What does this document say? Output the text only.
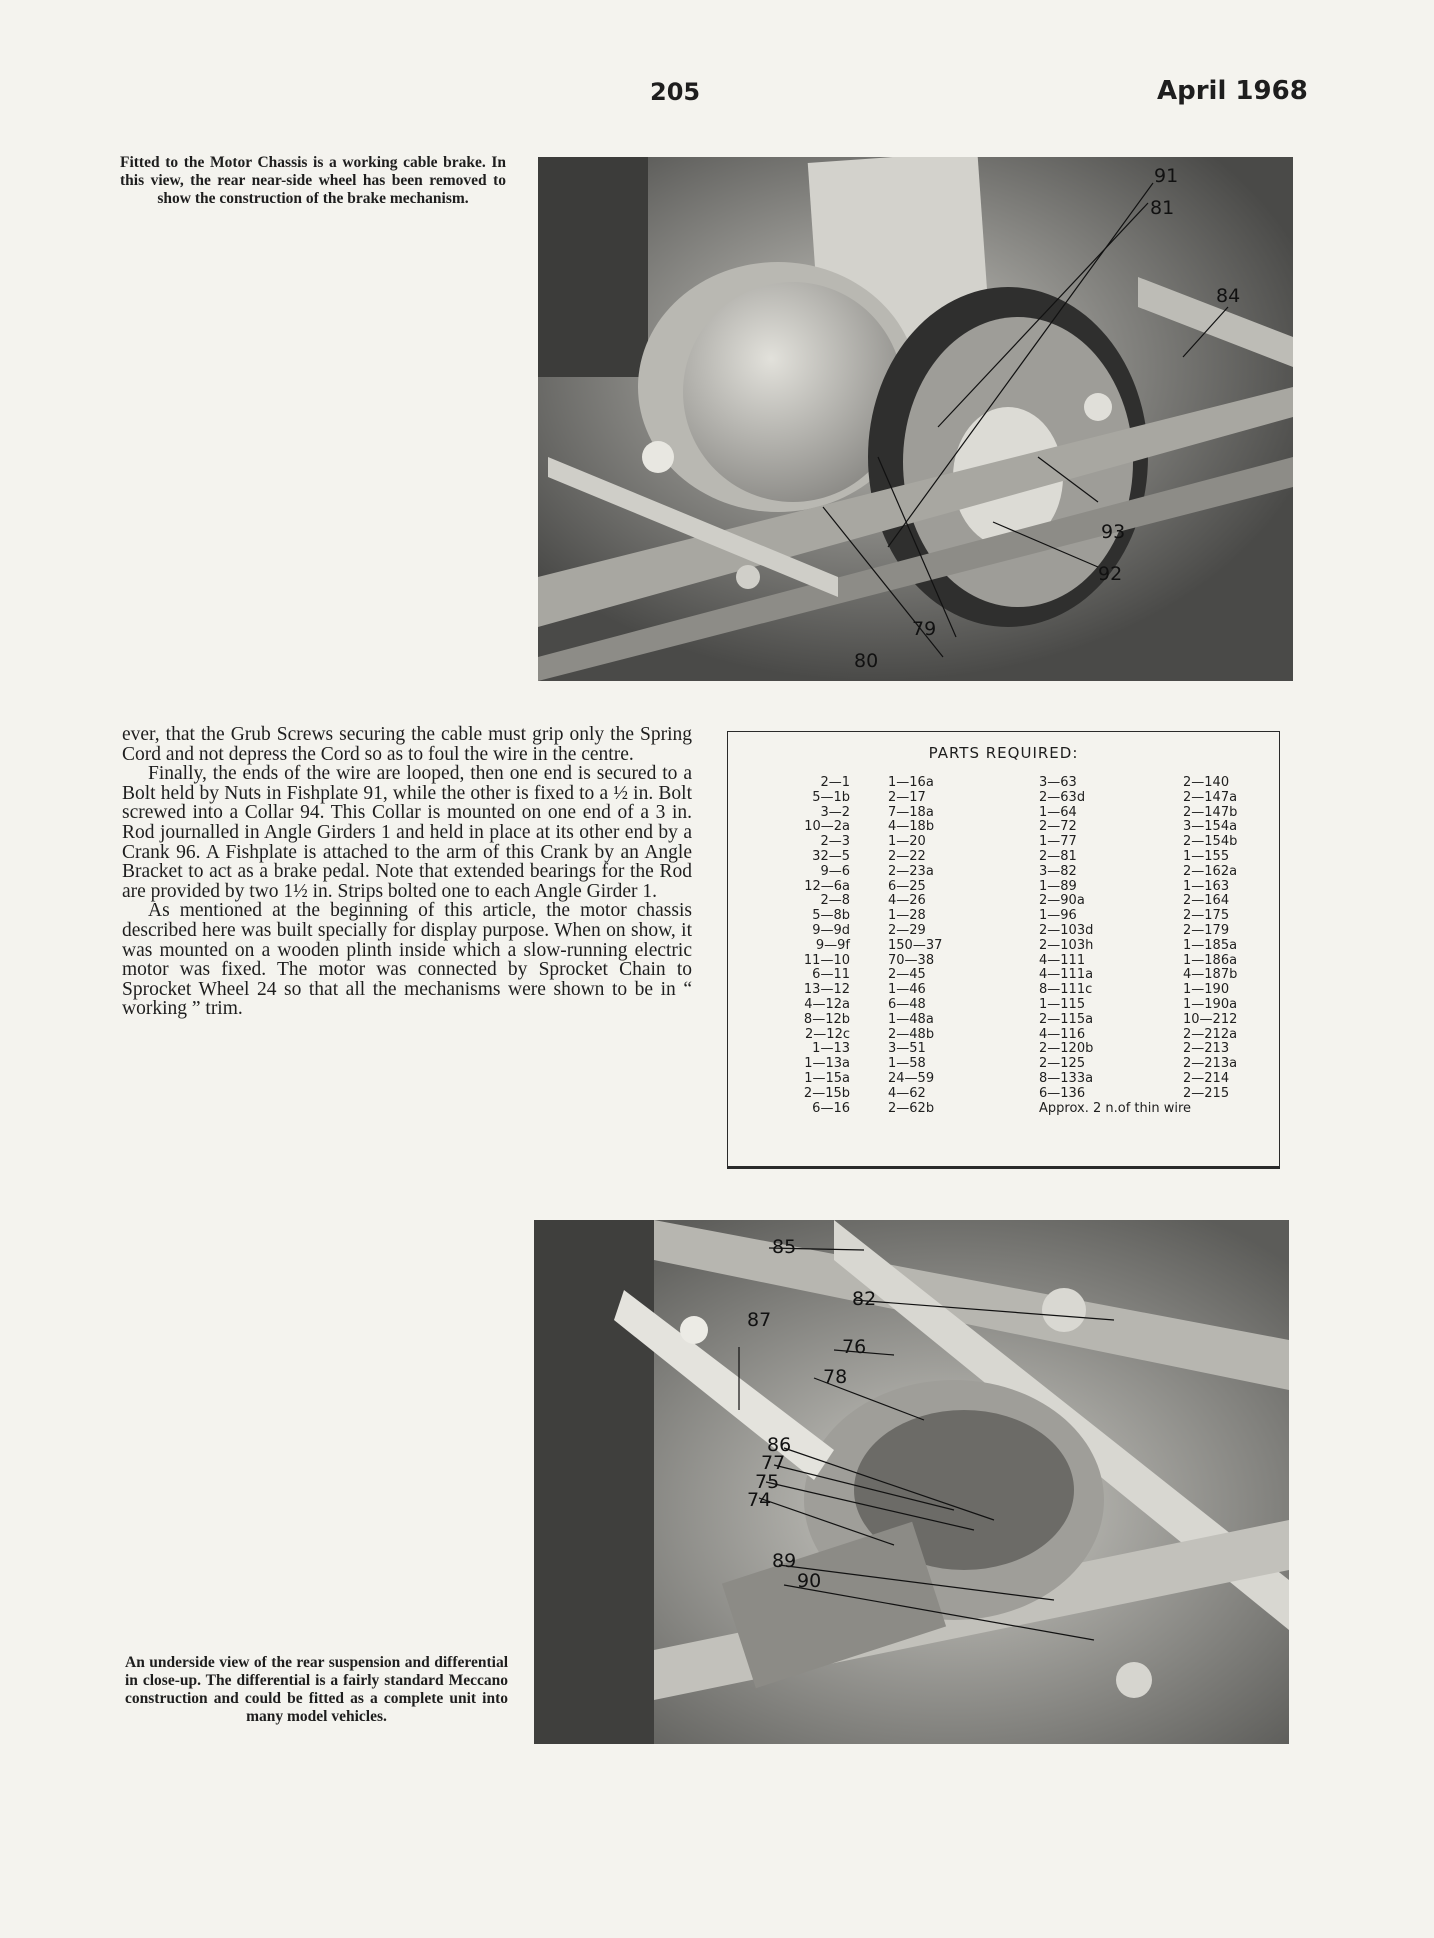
205	April 1968
Fitted to the Motor Chassis is a working cable brake. In this view, the rear near-side wheel has been removed to show the construction of the brake mechanism.
91
81
84
93
92
79
80

ever, that the Grub Screws securing the cable must grip only the Spring Cord and not depress the Cord so as to foul the wire in the centre.

Finally, the ends of the wire are looped, then one end is secured to a Bolt held by Nuts in Fishplate 91, while the other is fixed to a ½ in. Bolt screwed into a Collar 94. This Collar is mounted on one end of a 3 in. Rod journalled in Angle Girders 1 and held in place at its other end by a Crank 96. A Fishplate is attached to the arm of this Crank by an Angle Bracket to act as a brake pedal. Note that extended bearings for the Rod are provided by two 1½ in. Strips bolted one to each Angle Girder 1.

As mentioned at the beginning of this article, the motor chassis described here was built specially for display purpose. When on show, it was mounted on a wooden plinth inside which a slow-running electric motor was fixed. The motor was connected by Sprocket Chain to Sprocket Wheel 24 so that all the mechanisms were shown to be in “ working ” trim.

PARTS REQUIRED:
2—1
5—1b
3—2
10—2a
2—3
32—5
9—6
12—6a
2—8
5—8b
9—9d
9—9f
11—10
6—11
13—12
4—12a
8—12b
2—12c
1—13
1—13a
1—15a
2—15b
6—16
1—16a
2—17
7—18a
4—18b
1—20
2—22
2—23a
6—25
4—26
1—28
2—29
150—37
70—38
2—45
1—46
6—48
1—48a
2—48b
3—51
1—58
24—59
4—62
2—62b
3—63
2—63d
1—64
2—72
1—77
2—81
3—82
1—89
2—90a
1—96
2—103d
2—103h
4—111
4—111a
8—111c
1—115
2—115a
4—116
2—120b
2—125
8—133a
6—136
Approx. 2 n.of thin wire
2—140
2—147a
2—147b
3—154a
2—154b
1—155
2—162a
1—163
2—164
2—175
2—179
1—185a
1—186a
4—187b
1—190
1—190a
10—212
2—212a
2—213
2—213a
2—214
2—215
85
82
87
76
78
86
77
75
74
89
90
An underside view of the rear suspension and differential in close-up. The differential is a fairly standard Meccano construction and could be fitted as a complete unit into many model vehicles.
